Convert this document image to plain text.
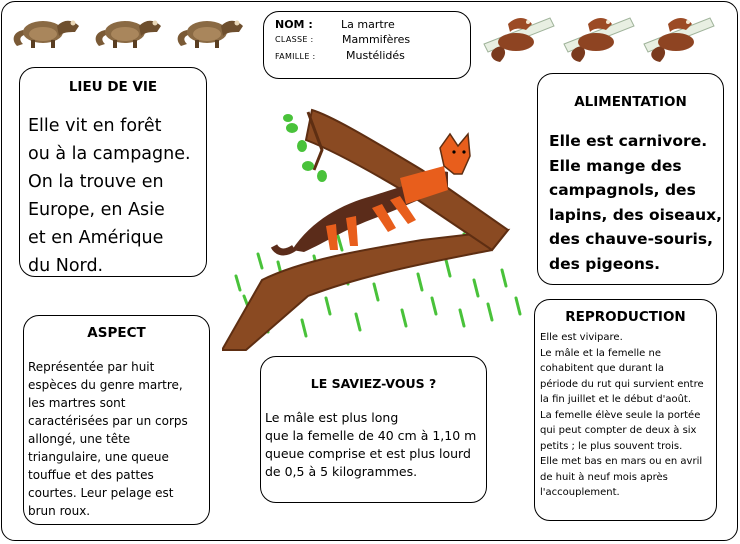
NOM :	La martre
CLASSE :	Mammifères
FAMILLE :	Mustélidés
LIEU DE VIE
Elle vit en forêt
ou à la campagne.
On la trouve en
Europe, en Asie
et en Amérique
du Nord.
ALIMENTATION
Elle est carnivore.
Elle mange des
campagnols, des
lapins, des oiseaux,
des chauve-souris,
des pigeons.
ASPECT
Représentée par huit
espèces du genre martre,
les martres sont
caractérisées par un corps
allongé, une tête
triangulaire, une queue
touffue et des pattes
courtes. Leur pelage est
brun roux.
LE SAVIEZ-VOUS ?
Le mâle est plus long
que la femelle de 40 cm à 1,10 m
queue comprise et est plus lourd
de 0,5 à 5 kilogrammes.
REPRODUCTION
Elle est vivipare.
Le mâle et la femelle ne
cohabitent que durant la
période du rut qui survient entre
la fin juillet et le début d'août.
La femelle élève seule la portée
qui peut compter de deux à six
petits ; le plus souvent trois.
Elle met bas en mars ou en avril
de huit à neuf mois après
l'accouplement.
